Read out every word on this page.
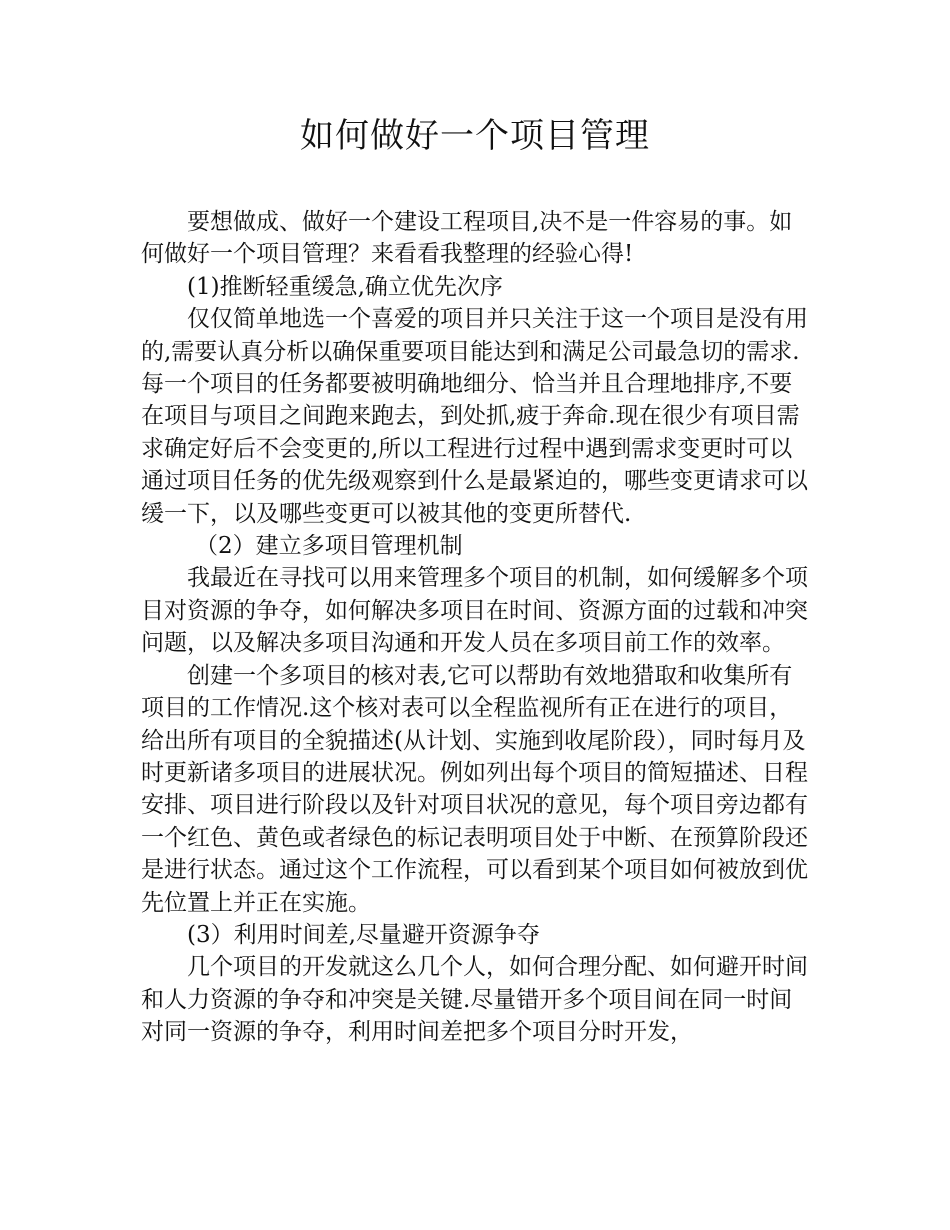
如何做好一个项目管理

要想做成、做好一个建设工程项目,决不是一件容易的事。如何做好一个项目管理？来看看我整理的经验心得!

(1)推断轻重缓急,确立优先次序

仅仅简单地选一个喜爱的项目并只关注于这一个项目是没有用的,需要认真分析以确保重要项目能达到和满足公司最急切的需求.每一个项目的任务都要被明确地细分、恰当并且合理地排序,不要在项目与项目之间跑来跑去，到处抓,疲于奔命.现在很少有项目需求确定好后不会变更的,所以工程进行过程中遇到需求变更时可以通过项目任务的优先级观察到什么是最紧迫的，哪些变更请求可以缓一下，以及哪些变更可以被其他的变更所替代.

（2）建立多项目管理机制

我最近在寻找可以用来管理多个项目的机制，如何缓解多个项目对资源的争夺，如何解决多项目在时间、资源方面的过载和冲突问题，以及解决多项目沟通和开发人员在多项目前工作的效率。

创建一个多项目的核对表,它可以帮助有效地猎取和收集所有项目的工作情况.这个核对表可以全程监视所有正在进行的项目，给出所有项目的全貌描述(从计划、实施到收尾阶段），同时每月及时更新诸多项目的进展状况。例如列出每个项目的简短描述、日程安排、项目进行阶段以及针对项目状况的意见，每个项目旁边都有一个红色、黄色或者绿色的标记表明项目处于中断、在预算阶段还是进行状态。通过这个工作流程，可以看到某个项目如何被放到优先位置上并正在实施。

(3）利用时间差,尽量避开资源争夺

几个项目的开发就这么几个人，如何合理分配、如何避开时间和人力资源的争夺和冲突是关键.尽量错开多个项目间在同一时间对同一资源的争夺，利用时间差把多个项目分时开发，
